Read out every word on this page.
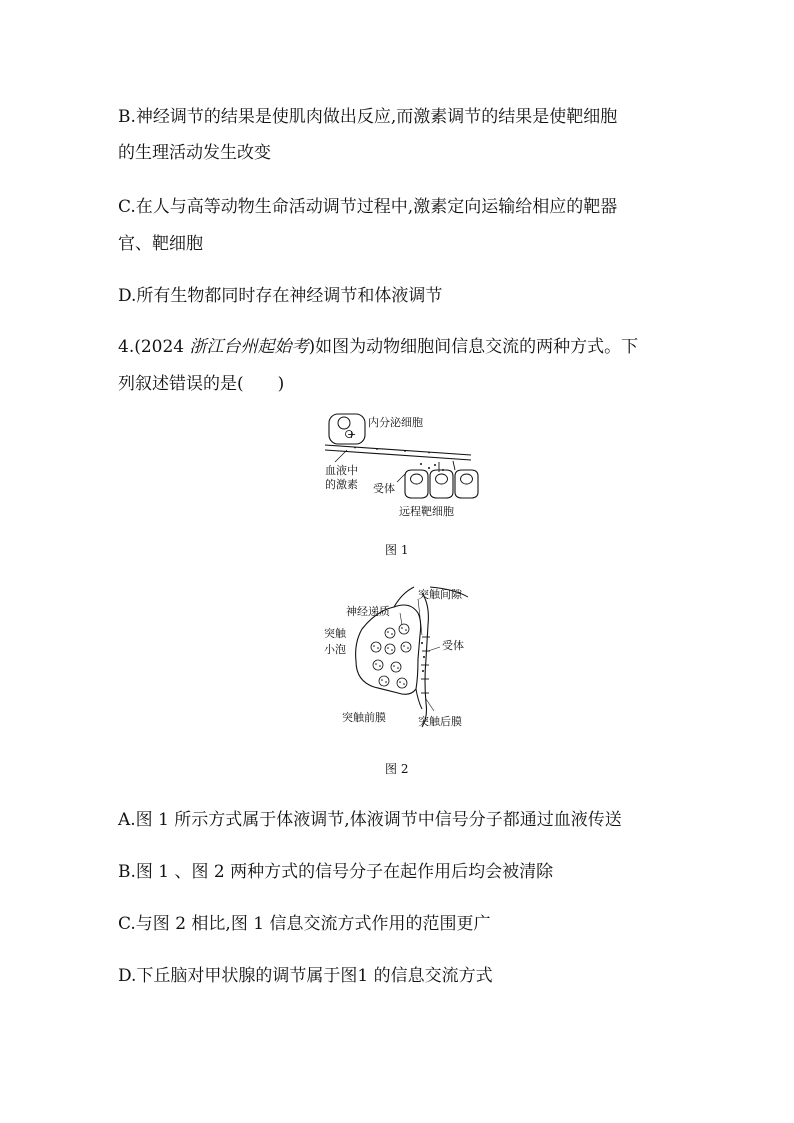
B.神经调节的结果是使肌肉做出反应,而激素调节的结果是使靶细胞
的生理活动发生改变
C.在人与高等动物生命活动调节过程中,激素定向运输给相应的靶器
官、靶细胞
D.所有生物都同时存在神经调节和体液调节
4.(2024 浙江台州起始考)如图为动物细胞间信息交流的两种方式。下
列叙述错误的是(　　)
+
内分泌细胞
血液中
的激素 受体
远程靶细胞
图 1
突触间隙
神经递质
突触
小泡	受体
突触前膜	突触后膜
图 2
A.图 1 所示方式属于体液调节,体液调节中信号分子都通过血液传送
B.图 1 、图 2 两种方式的信号分子在起作用后均会被清除
C.与图 2 相比,图 1 信息交流方式作用的范围更广
D.下丘脑对甲状腺的调节属于图1 的信息交流方式
